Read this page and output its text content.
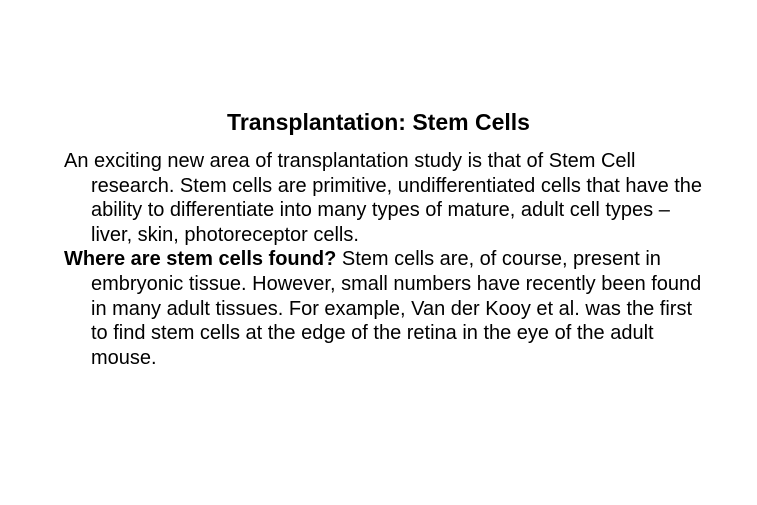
Transplantation: Stem Cells

An exciting new area of transplantation study is that of Stem Cell research. Stem cells are primitive, undifferentiated cells that have the ability to differentiate into many types of mature, adult cell types – liver, skin, photoreceptor cells.

Where are stem cells found? Stem cells are, of course, present in embryonic tissue. However, small numbers have recently been found in many adult tissues. For example, Van der Kooy et al. was the first to find stem cells at the edge of the retina in the eye of the adult mouse.
